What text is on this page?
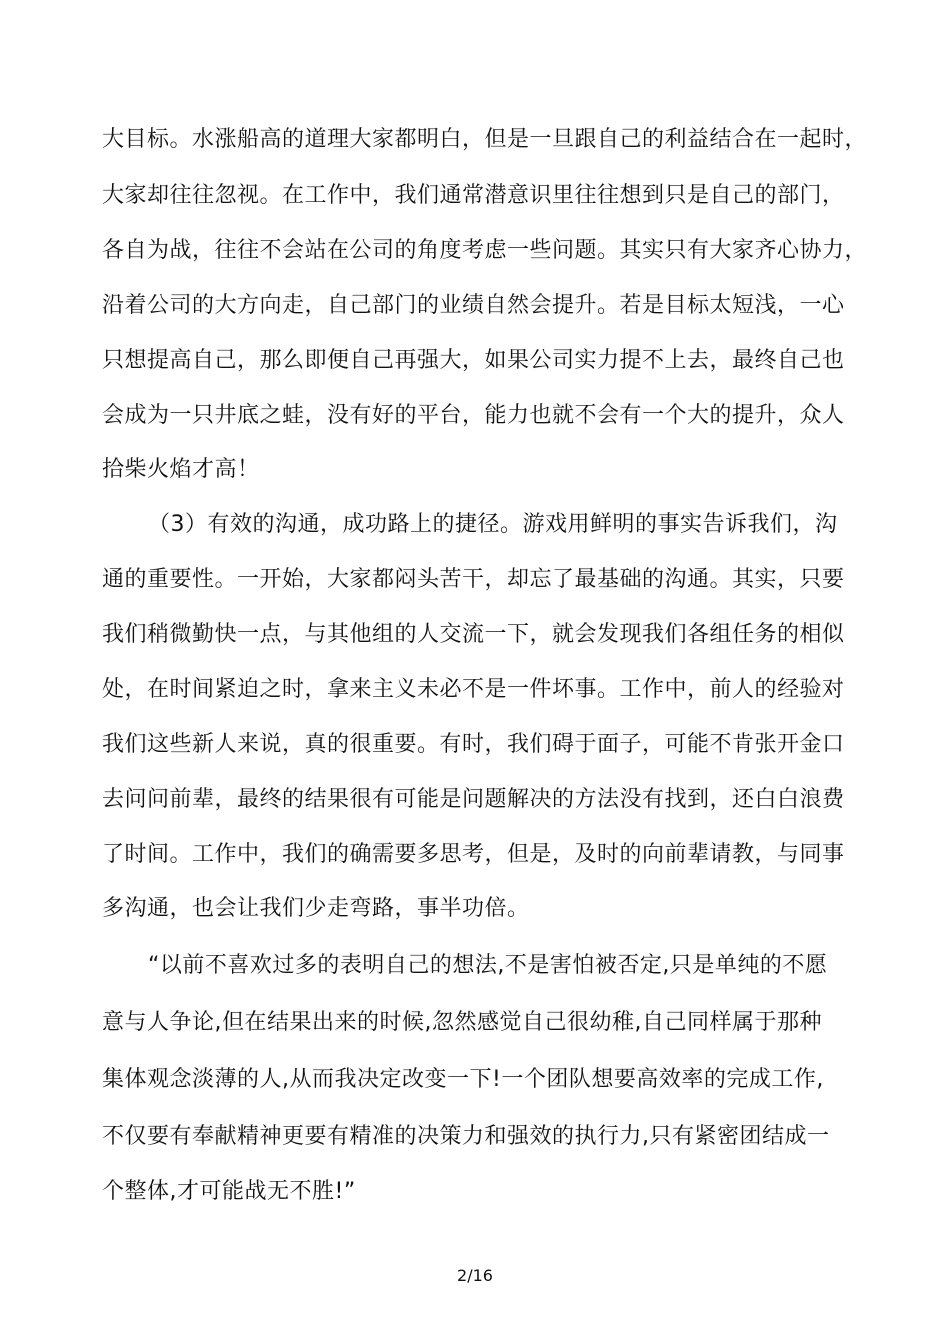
大目标。水涨船高的道理大家都明白，但是一旦跟自己的利益结合在一起时，
大家却往往忽视。在工作中，我们通常潜意识里往往想到只是自己的部门，
各自为战，往往不会站在公司的角度考虑一些问题。其实只有大家齐心协力，
沿着公司的大方向走，自己部门的业绩自然会提升。若是目标太短浅，一心
只想提高自己，那么即便自己再强大，如果公司实力提不上去，最终自己也
会成为一只井底之蛙，没有好的平台，能力也就不会有一个大的提升，众人
拾柴火焰才高！
（3）有效的沟通，成功路上的捷径。游戏用鲜明的事实告诉我们，沟
通的重要性。一开始，大家都闷头苦干，却忘了最基础的沟通。其实，只要
我们稍微勤快一点，与其他组的人交流一下，就会发现我们各组任务的相似
处，在时间紧迫之时，拿来主义未必不是一件坏事。工作中，前人的经验对
我们这些新人来说，真的很重要。有时，我们碍于面子，可能不肯张开金口
去问问前辈，最终的结果很有可能是问题解决的方法没有找到，还白白浪费
了时间。工作中，我们的确需要多思考，但是，及时的向前辈请教，与同事
多沟通，也会让我们少走弯路，事半功倍。
“以前不喜欢过多的表明自己的想法,不是害怕被否定,只是单纯的不愿
意与人争论,但在结果出来的时候,忽然感觉自己很幼稚,自己同样属于那种
集体观念淡薄的人,从而我决定改变一下!一个团队想要高效率的完成工作,
不仅要有奉献精神更要有精准的决策力和强效的执行力,只有紧密团结成一
个整体,才可能战无不胜!”
2/16
